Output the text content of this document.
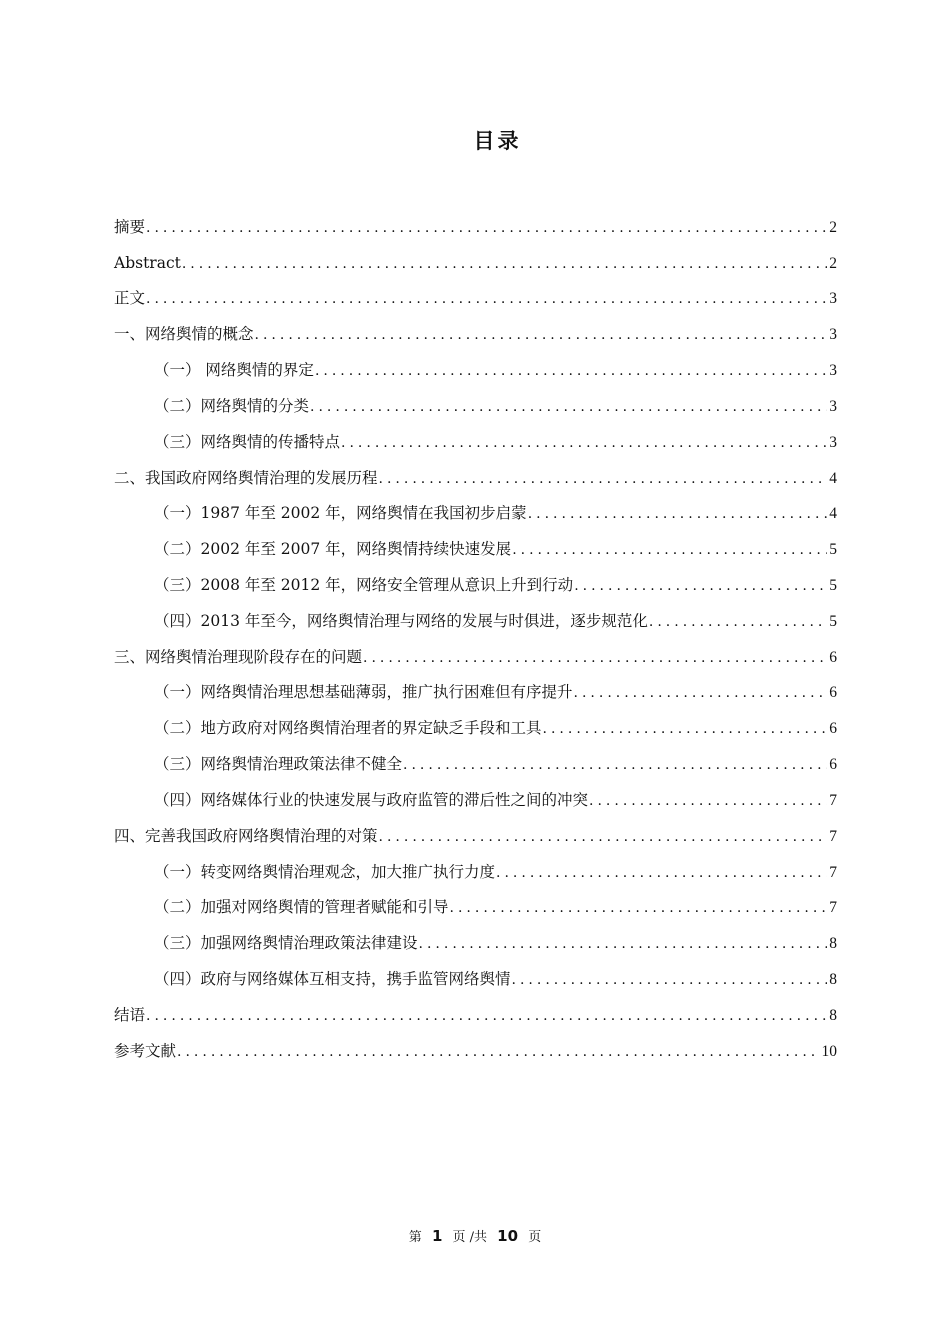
目录
摘要 .....	2
Abstract .....	2
正文 .....	3
一、网络舆情的概念 .....	3
（一） 网络舆情的界定 .....	3
（二）网络舆情的分类 .....	3
（三）网络舆情的传播特点 .....	3
二、我国政府网络舆情治理的发展历程 .....	4
（一）1987 年至 2002 年，网络舆情在我国初步启蒙 .....	4
（二）2002 年至 2007 年，网络舆情持续快速发展 .....	5
（三）2008 年至 2012 年，网络安全管理从意识上升到行动 .....	5
（四）2013 年至今，网络舆情治理与网络的发展与时俱进，逐步规范化 .....	5
三、网络舆情治理现阶段存在的问题 .....	6
（一）网络舆情治理思想基础薄弱，推广执行困难但有序提升 .....	6
（二）地方政府对网络舆情治理者的界定缺乏手段和工具 .....	6
（三）网络舆情治理政策法律不健全 .....	6
（四）网络媒体行业的快速发展与政府监管的滞后性之间的冲突 .....	7
四、完善我国政府网络舆情治理的对策 .....	7
（一）转变网络舆情治理观念，加大推广执行力度 .....	7
（二）加强对网络舆情的管理者赋能和引导 .....	7
（三）加强网络舆情治理政策法律建设 .....	8
（四）政府与网络媒体互相支持，携手监管网络舆情 .....	8
结语 .....	8
参考文献 .....	10
第 1 页 /共 10 页
